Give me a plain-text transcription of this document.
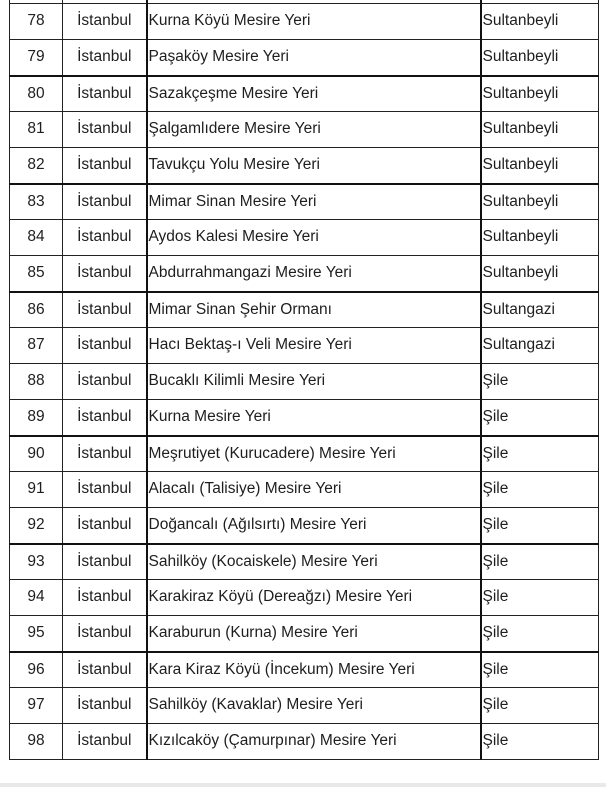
78	İstanbul	Kurna Köyü Mesire Yeri	Sultanbeyli
79	İstanbul	Paşaköy Mesire Yeri	Sultanbeyli
80	İstanbul	Sazakçeşme Mesire Yeri	Sultanbeyli
81	İstanbul	Şalgamlıdere Mesire Yeri	Sultanbeyli
82	İstanbul	Tavukçu Yolu Mesire Yeri	Sultanbeyli
83	İstanbul	Mimar Sinan Mesire Yeri	Sultanbeyli
84	İstanbul	Aydos Kalesi Mesire Yeri	Sultanbeyli
85	İstanbul	Abdurrahmangazi Mesire Yeri	Sultanbeyli
86	İstanbul	Mimar Sinan Şehir Ormanı	Sultangazi
87	İstanbul	Hacı Bektaş-ı Veli Mesire Yeri	Sultangazi
88	İstanbul	Bucaklı Kilimli Mesire Yeri	Şile
89	İstanbul	Kurna Mesire Yeri	Şile
90	İstanbul	Meşrutiyet (Kurucadere) Mesire Yeri	Şile
91	İstanbul	Alacalı (Talisiye) Mesire Yeri	Şile
92	İstanbul	Doğancalı (Ağılsırtı) Mesire Yeri	Şile
93	İstanbul	Sahilköy (Kocaiskele) Mesire Yeri	Şile
94	İstanbul	Karakiraz Köyü (Dereağzı) Mesire Yeri	Şile
95	İstanbul	Karaburun (Kurna) Mesire Yeri	Şile
96	İstanbul	Kara Kiraz Köyü (İncekum) Mesire Yeri	Şile
97	İstanbul	Sahilköy (Kavaklar) Mesire Yeri	Şile
98	İstanbul	Kızılcaköy (Çamurpınar) Mesire Yeri	Şile
